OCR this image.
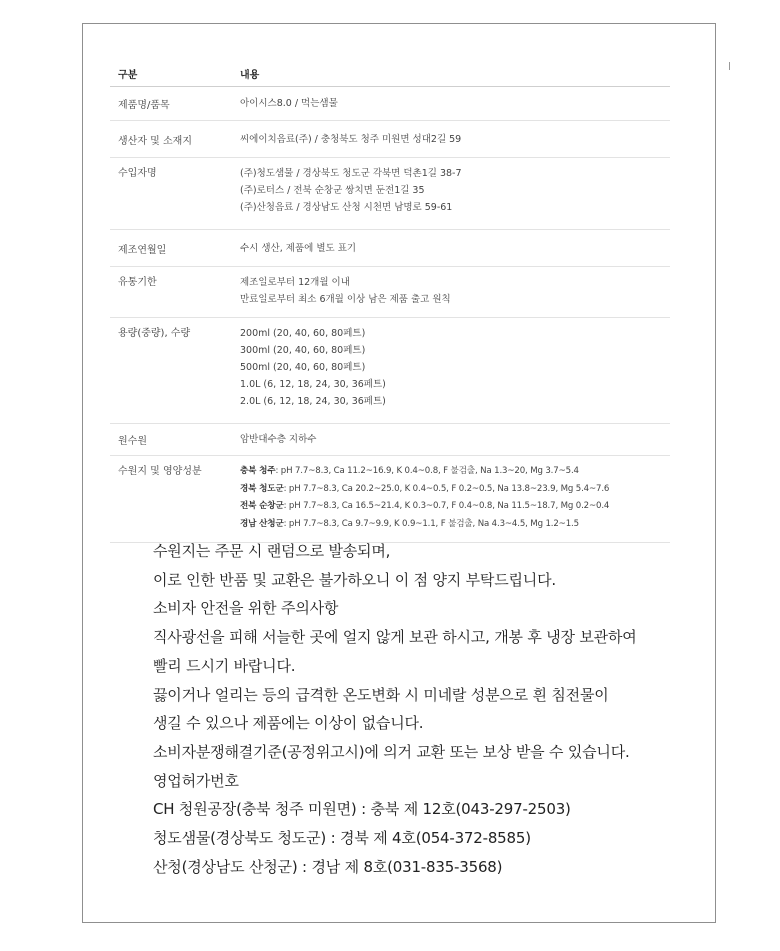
구분	내용
제품명/품목	아이시스8.0 / 먹는샘물
생산자 및 소재지	씨에이치음료(주) / 충청북도 청주 미원면 성대2길 59
수입자명	(주)청도샘물 / 경상북도 청도군 각북면 덕촌1길 38-7
(주)로터스 / 전북 순창군 쌍치면 둔전1길 35
(주)산청음료 / 경상남도 산청 시천면 남명로 59-61
제조연월일	수시 생산, 제품에 별도 표기
유통기한	제조일로부터 12개월 이내
만료일로부터 최소 6개월 이상 남은 제품 출고 원칙
용량(중량), 수량	200ml (20, 40, 60, 80페트)
300ml (20, 40, 60, 80페트)
500ml (20, 40, 60, 80페트)
1.0L (6, 12, 18, 24, 30, 36페트)
2.0L (6, 12, 18, 24, 30, 36페트)
원수원	암반대수층 지하수
수원지 및 영양성분	충북 청주: pH 7.7~8.3, Ca 11.2~16.9, K 0.4~0.8, F 불검출, Na 1.3~20, Mg 3.7~5.4
경북 청도군: pH 7.7~8.3, Ca 20.2~25.0, K 0.4~0.5, F 0.2~0.5, Na 13.8~23.9, Mg 5.4~7.6
전북 순창군: pH 7.7~8.3, Ca 16.5~21.4, K 0.3~0.7, F 0.4~0.8, Na 11.5~18.7, Mg 0.2~0.4
경남 산청군: pH 7.7~8.3, Ca 9.7~9.9, K 0.9~1.1, F 불검출, Na 4.3~4.5, Mg 1.2~1.5
수원지는 주문 시 랜덤으로 발송되며,
이로 인한 반품 및 교환은 불가하오니 이 점 양지 부탁드립니다.
소비자 안전을 위한 주의사항
직사광선을 피해 서늘한 곳에 얼지 않게 보관 하시고, 개봉 후 냉장 보관하여
빨리 드시기 바랍니다.
끓이거나 얼리는 등의 급격한 온도변화 시 미네랄 성분으로 흰 침전물이
생길 수 있으나 제품에는 이상이 없습니다.
소비자분쟁해결기준(공정위고시)에 의거 교환 또는 보상 받을 수 있습니다.
영업허가번호
CH 청원공장(충북 청주 미원면) : 충북 제 12호(043-297-2503)
청도샘물(경상북도 청도군) : 경북 제 4호(054-372-8585)
산청(경상남도 산청군) : 경남 제 8호(031-835-3568)
